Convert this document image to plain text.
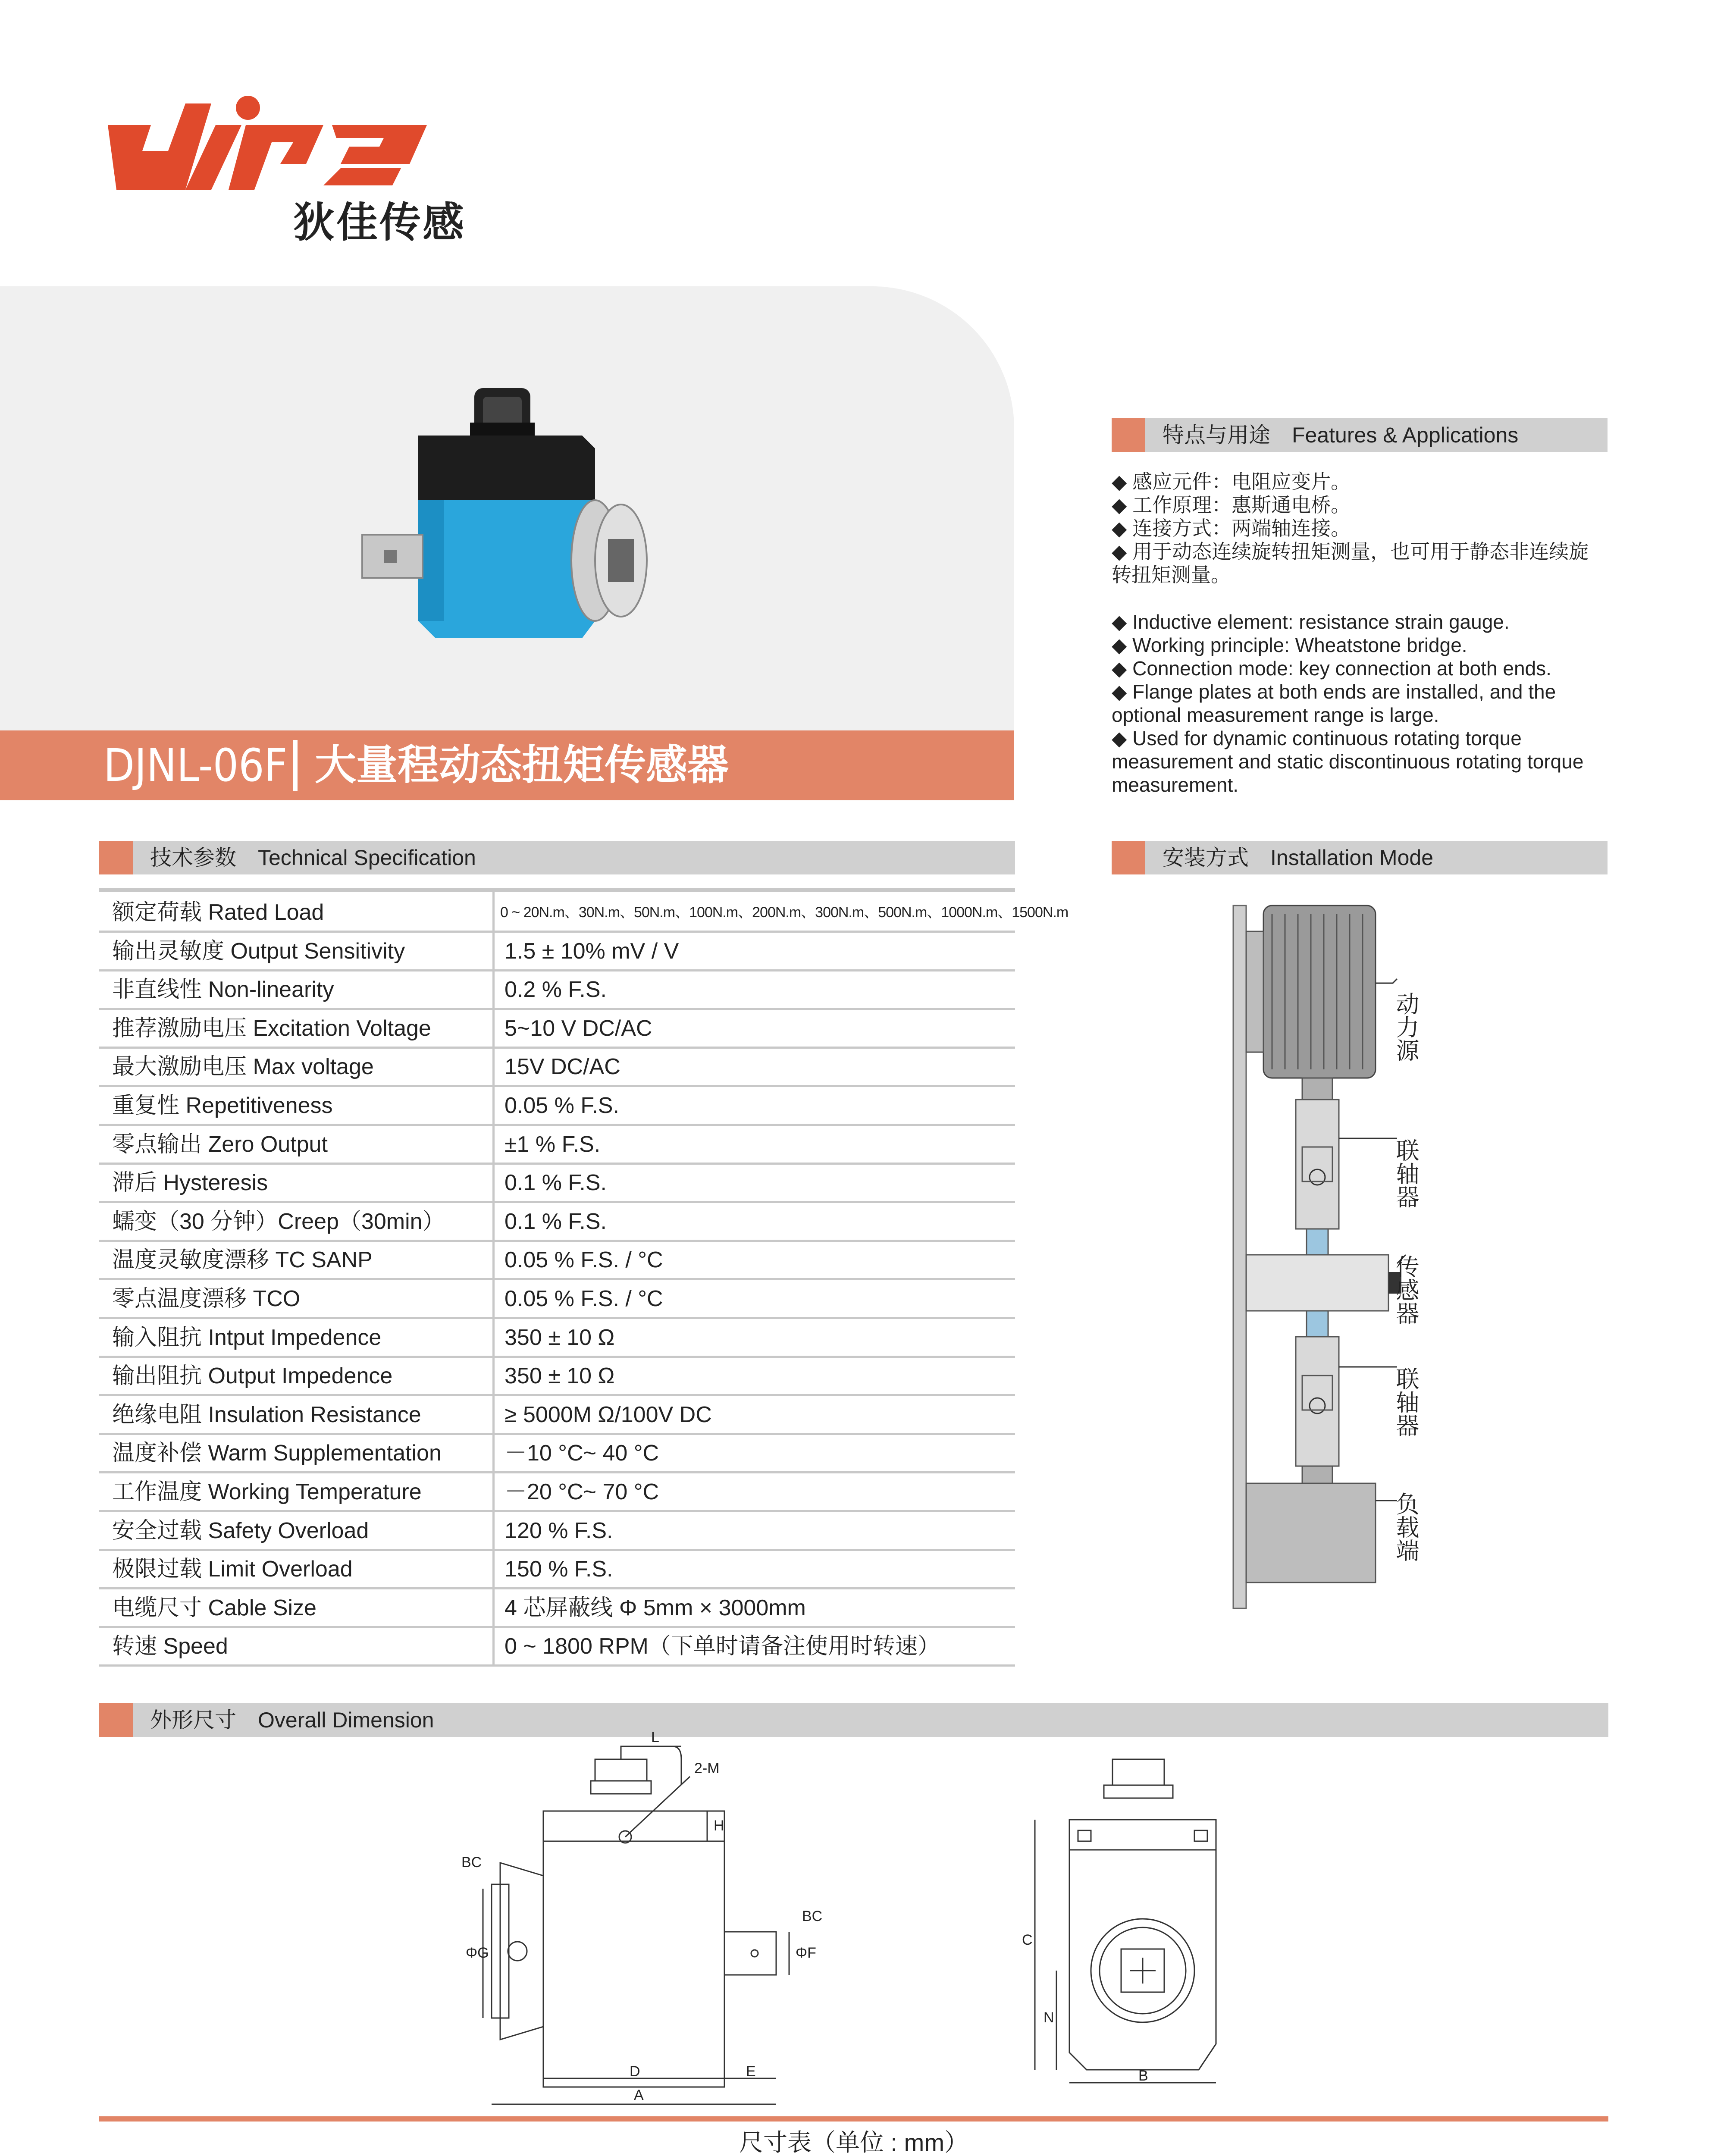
狄佳传感
DJNL-06F 大量程动态扭矩传感器
特点与用途　Features & Applications
◆ 感应元件：电阻应变片。
◆ 工作原理：惠斯通电桥。
◆ 连接方式：两端轴连接。
◆ 用于动态连续旋转扭矩测量，也可用于静态非连续旋转扭矩测量。
◆ Inductive element: resistance strain gauge.
◆ Working principle: Wheatstone bridge.
◆ Connection mode: key connection at both ends.
◆ Flange plates at both ends are installed, and the optional measurement range is large.
◆ Used for dynamic continuous rotating torque measurement and static discontinuous rotating torque measurement.
技术参数　Technical Specification
额定荷载 Rated Load	0 ~ 20N.m、30N.m、50N.m、100N.m、200N.m、300N.m、500N.m、1000N.m、1500N.m
输出灵敏度 Output Sensitivity	1.5 ± 10% mV / V
非直线性 Non-linearity	0.2 % F.S.
推荐激励电压 Excitation Voltage	5~10 V DC/AC
最大激励电压 Max voltage	15V DC/AC
重复性 Repetitiveness	0.05 % F.S.
零点输出 Zero Output	±1 % F.S.
滞后 Hysteresis	0.1 % F.S.
蠕变（30 分钟）Creep（30min）	0.1 % F.S.
温度灵敏度漂移 TC SANP	0.05 % F.S. / °C
零点温度漂移 TCO	0.05 % F.S. / °C
输入阻抗 Intput Impedence	350 ± 10 Ω
输出阻抗 Output Impedence	350 ± 10 Ω
绝缘电阻 Insulation Resistance	≥ 5000M Ω/100V DC
温度补偿 Warm Supplementation	－10 °C~ 40 °C
工作温度 Working Temperature	－20 °C~ 70 °C
安全过载 Safety Overload	120 % F.S.
极限过载 Limit Overload	150 % F.S.
电缆尺寸 Cable Size	4 芯屏蔽线 Φ 5mm × 3000mm
转速 Speed	0 ~ 1800 RPM（下单时请备注使用时转速）
安装方式　Installation Mode
动力源
联轴器
传感器
联轴器
负载端
外形尺寸　Overall Dimension
L
2-M
H
BC
BC
ΦG	ΦF
D	E
A
C
N
B
尺寸表（单位 : mm）
